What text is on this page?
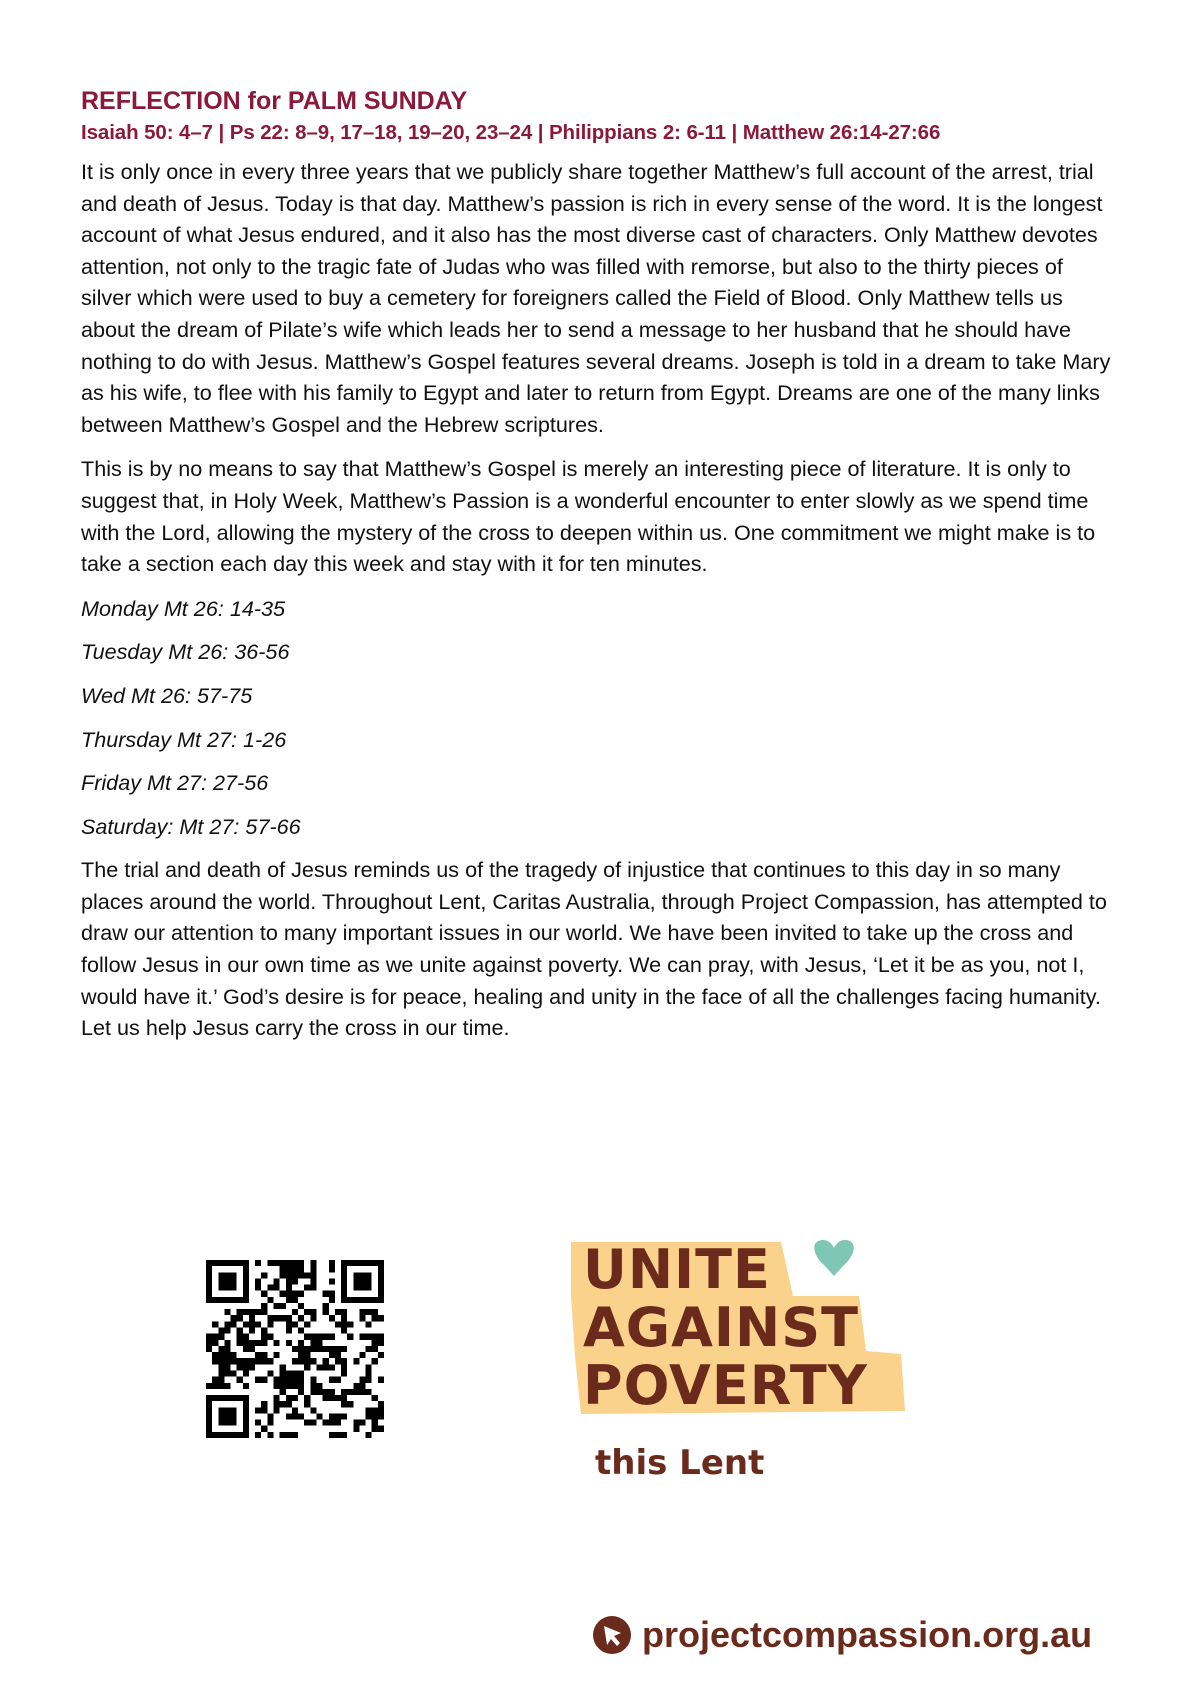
REFLECTION for PALM SUNDAY
Isaiah 50: 4–7 | Ps 22: 8–9, 17–18, 19–20, 23–24 | Philippians 2: 6-11 | Matthew 26:14-27:66

It is only once in every three years that we publicly share together Matthew’s full account of the arrest, trial and death of Jesus. Today is that day. Matthew’s passion is rich in every sense of the word. It is the longest account of what Jesus endured, and it also has the most diverse cast of characters. Only Matthew devotes attention, not only to the tragic fate of Judas who was filled with remorse, but also to the thirty pieces of silver which were used to buy a cemetery for foreigners called the Field of Blood. Only Matthew tells us about the dream of Pilate’s wife which leads her to send a message to her husband that he should have nothing to do with Jesus. Matthew’s Gospel features several dreams. Joseph is told in a dream to take Mary as his wife, to flee with his family to Egypt and later to return from Egypt. Dreams are one of the many links between Matthew’s Gospel and the Hebrew scriptures.

This is by no means to say that Matthew’s Gospel is merely an interesting piece of literature. It is only to suggest that, in Holy Week, Matthew’s Passion is a wonderful encounter to enter slowly as we spend time with the Lord, allowing the mystery of the cross to deepen within us. One commitment we might make is to take a section each day this week and stay with it for ten minutes.

Monday Mt 26: 14-35

Tuesday Mt 26: 36-56

Wed Mt 26: 57-75

Thursday Mt 27: 1-26

Friday Mt 27: 27-56

Saturday: Mt 27: 57-66

The trial and death of Jesus reminds us of the tragedy of injustice that continues to this day in so many places around the world. Throughout Lent, Caritas Australia, through Project Compassion, has attempted to draw our attention to many important issues in our world. We have been invited to take up the cross and follow Jesus in our own time as we unite against poverty. We can pray, with Jesus, ‘Let it be as you, not I, would have it.’ God’s desire is for peace, healing and unity in the face of all the challenges facing humanity. Let us help Jesus carry the cross in our time.

UNITE
AGAINST
POVERTY
this Lent
projectcompassion.org.au
